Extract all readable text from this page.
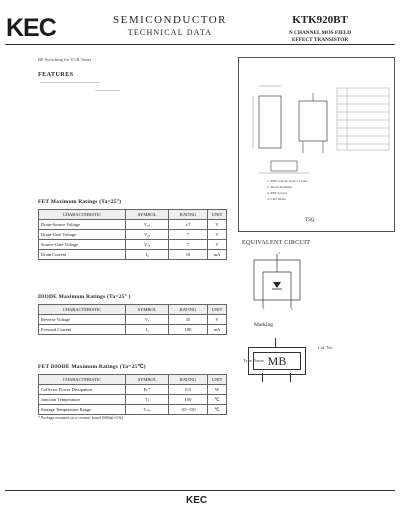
KEC	SEMICONDUCTOR
TECHNICAL DATA
KTK920BT
N CHANNEL MOS FIELD
EFFECT TRANSISTOR
RF Switching for VCR Tuner
FEATURES
1. PRT Gate & Source Leads
2. Drain Terminal
3. PRT Source
4. CRT Drain
TSQ
FET Maximum Ratings (Ta=25°)
CHARACTERISTIC	SYMBOL	RATING	UNIT
Drain-Source Voltage	V₀ₛ	±7	V
Drain-Gate Voltage	V₀ₑ	7	V
Source-Gate Voltage	Vₛₑ	7	V
Drain Current	I₀	10	mA
DIODE Maximum Ratings (Ta=25° )
CHARACTERISTIC	SYMBOL	RATING	UNIT
Reverse Voltage	Vᵣ	35	V
Forward Current	Iₒ	100	mA
FET DIODE Maximum Ratings (Ta=25℃)
CHARACTERISTIC	SYMBOL	RATING	UNIT
Collector Power Dissipation	Pᴄ*	0.9	W
Junction Temperature	Tⱼ	150	℃
Storage Temperature Range	Tₛₜₑ	-55~150	℃
* Package mounted on a ceramic board (600㎟×0.8t)
EQUIVALENT CIRCUIT
4
1	2
Marking
MB
Type Name
Lot. No.
KEC
